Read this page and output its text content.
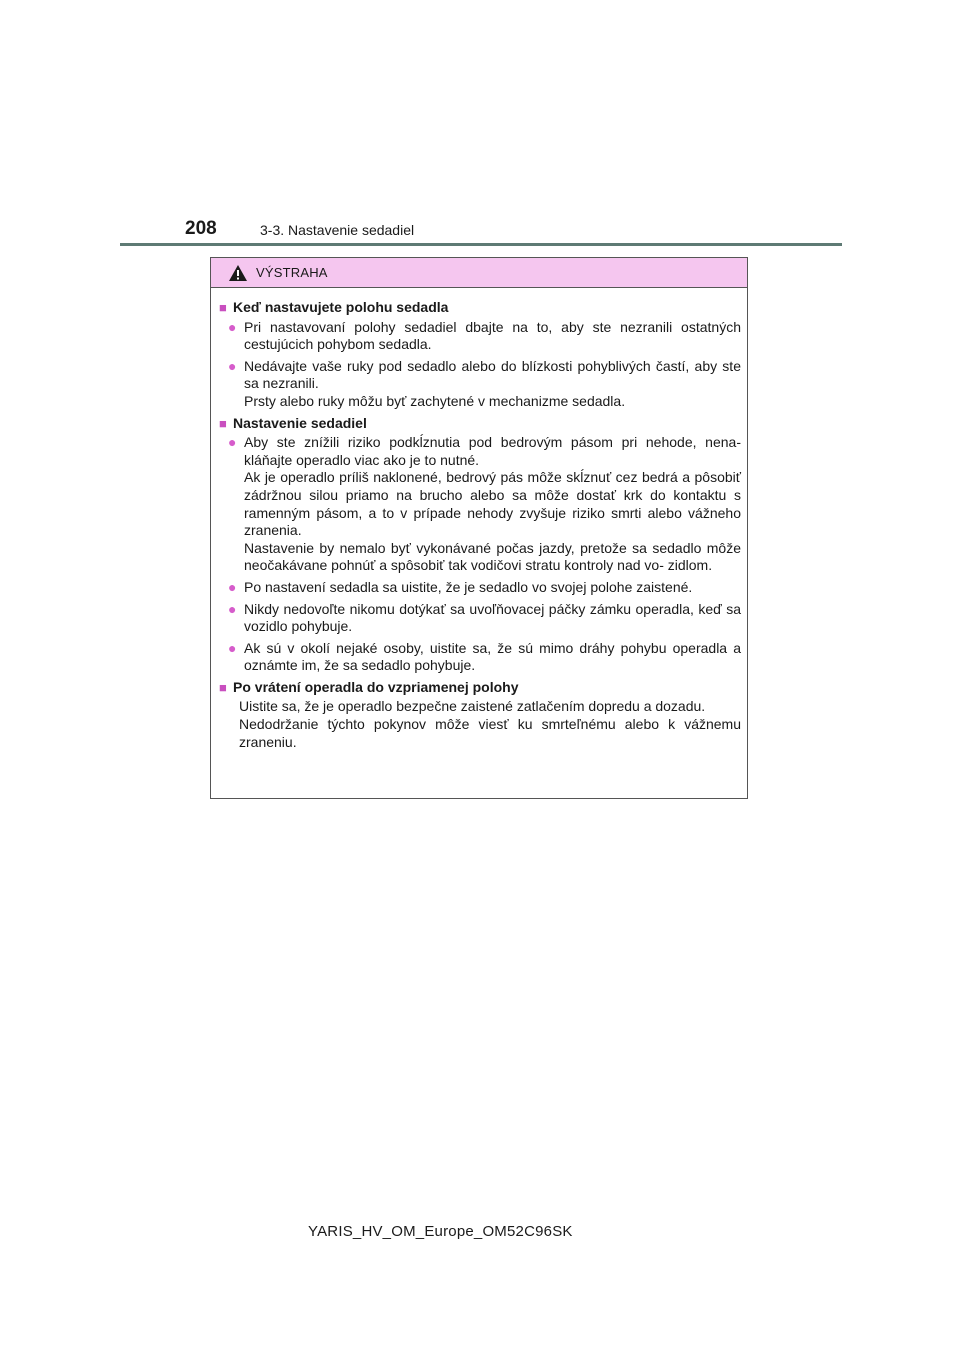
208	3-3. Nastavenie sedadiel
VÝSTRAHA
■ Keď nastavujete polohu sedadla
● Pri nastavovaní polohy sedadiel dbajte na to, aby ste nezranili ostatných cestujúcich pohybom sedadla.
● Nedávajte vaše ruky pod sedadlo alebo do blízkosti pohyblivých častí, aby ste sa nezranili.
Prsty alebo ruky môžu byť zachytené v mechanizme sedadla.
■ Nastavenie sedadiel
● Aby ste znížili riziko podkĺznutia pod bedrovým pásom pri nehode, nena- kláňajte operadlo viac ako je to nutné.
Ak je operadlo príliš naklonené, bedrový pás môže skĺznuť cez bedrá a pôsobiť zádržnou silou priamo na brucho alebo sa môže dostať krk do kontaktu s ramenným pásom, a to v prípade nehody zvyšuje riziko smrti alebo vážneho zranenia.
Nastavenie by nemalo byť vykonávané počas jazdy, pretože sa sedadlo môže neočakávane pohnúť a spôsobiť tak vodičovi stratu kontroly nad vo- zidlom.
● Po nastavení sedadla sa uistite, že je sedadlo vo svojej polohe zaistené.
● Nikdy nedovoľte nikomu dotýkať sa uvoľňovacej páčky zámku operadla, keď sa vozidlo pohybuje.
● Ak sú v okolí nejaké osoby, uistite sa, že sú mimo dráhy pohybu operadla a oznámte im, že sa sedadlo pohybuje.
■ Po vrátení operadla do vzpriamenej polohy
Uistite sa, že je operadlo bezpečne zaistené zatlačením dopredu a dozadu.
Nedodržanie týchto pokynov môže viesť ku smrteľnému alebo k vážnemu zraneniu.
YARIS_HV_OM_Europe_OM52C96SK
